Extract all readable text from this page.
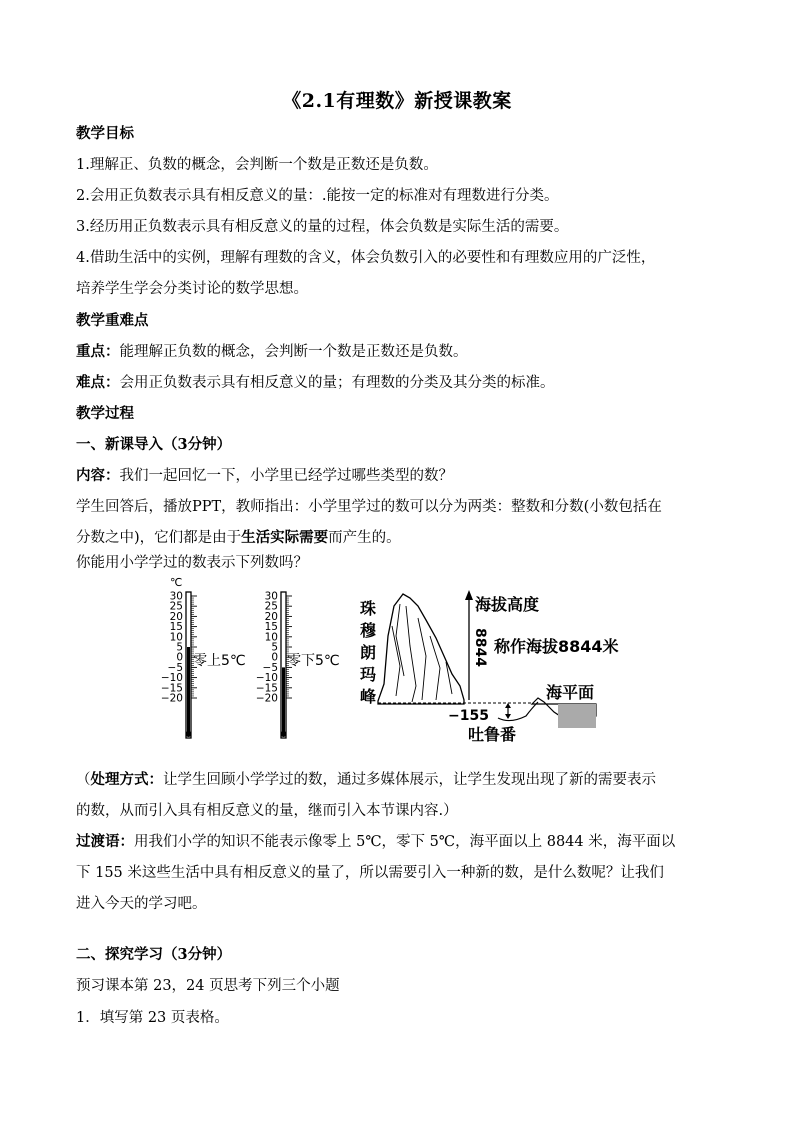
《2.1有理数》新授课教案
教学目标
1.理解正、负数的概念，会判断一个数是正数还是负数。
2.会用正负数表示具有相反意义的量：.能按一定的标准对有理数进行分类。
3.经历用正负数表示具有相反意义的量的过程，体会负数是实际生活的需要。
4.借助生活中的实例，理解有理数的含义，体会负数引入的必要性和有理数应用的广泛性，
培养学生学会分类讨论的数学思想。
教学重难点
重点：能理解正负数的概念，会判断一个数是正数还是负数。
难点：会用正负数表示具有相反意义的量；有理数的分类及其分类的标准。
教学过程
一、新课导入（3分钟）
内容：我们一起回忆一下，小学里已经学过哪些类型的数？
学生回答后，播放PPT，教师指出：小学里学过的数可以分为两类：整数和分数(小数包括在
分数之中)，它们都是由于生活实际需要而产生的。
你能用小学学过的数表示下列数吗？
℃
30
25
20
15
10
5
0
−5
−10
−15
−20
零上5℃
30
25
20
15
10
5
0
−5
−10
−15
−20
零下5℃
珠
穆
朗
玛
峰
海拔高度
8844 称作海拔8844米
海平面
−155
吐鲁番
（处理方式：让学生回顾小学学过的数，通过多媒体展示，让学生发现出现了新的需要表示
的数，从而引入具有相反意义的量，继而引入本节课内容.）
过渡语：用我们小学的知识不能表示像零上 5℃，零下 5℃，海平面以上 8844 米，海平面以
下 155 米这些生活中具有相反意义的量了，所以需要引入一种新的数，是什么数呢？让我们
进入今天的学习吧。
二、探究学习（3分钟）
预习课本第 23，24 页思考下列三个小题
1．填写第 23 页表格。
